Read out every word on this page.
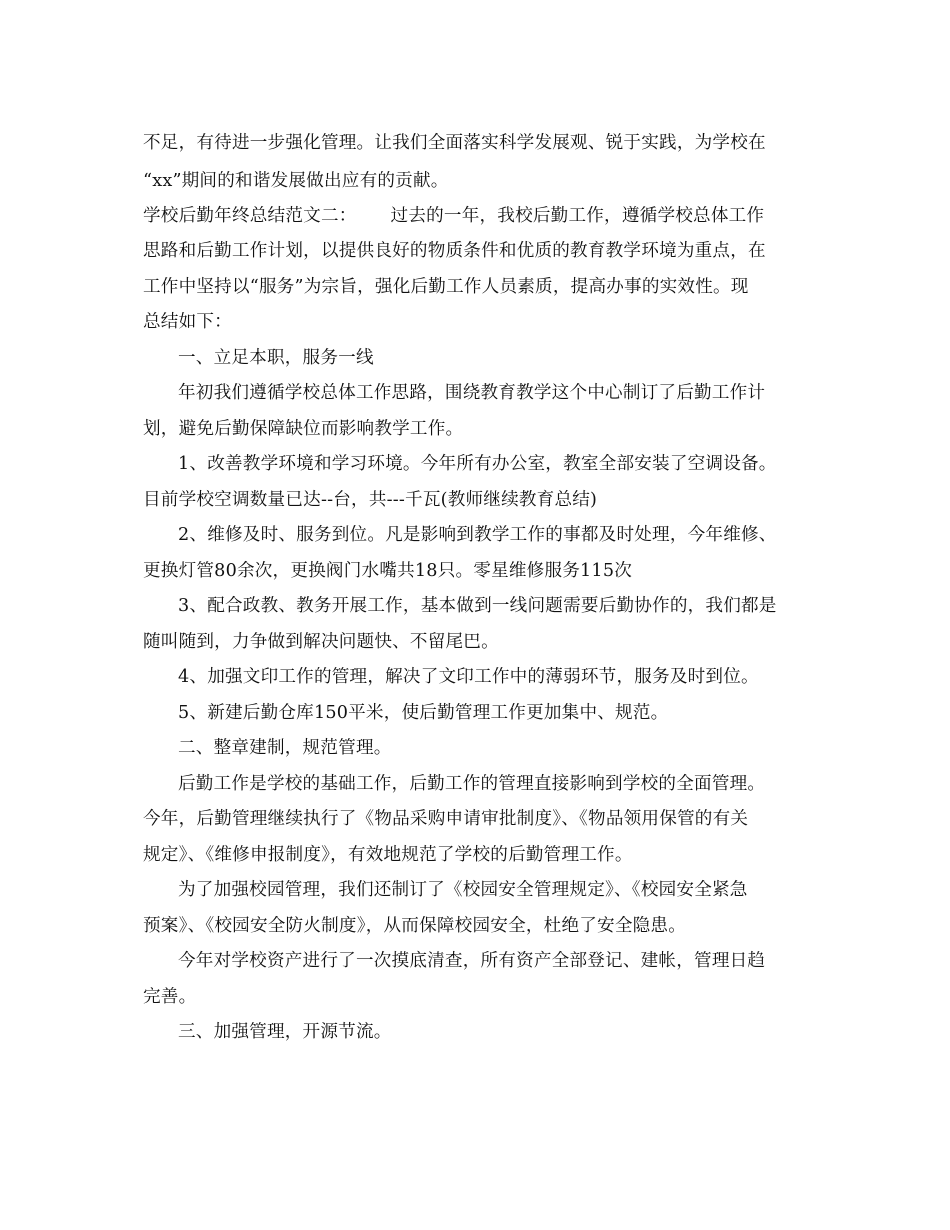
不足，有待进一步强化管理。让我们全面落实科学发展观、锐于实践，为学校在
“xx”期间的和谐发展做出应有的贡献。
学校后勤年终总结范文二： 过去的一年，我校后勤工作，遵循学校总体工作
思路和后勤工作计划，以提供良好的物质条件和优质的教育教学环境为重点，在
工作中坚持以“服务”为宗旨，强化后勤工作人员素质，提高办事的实效性。现
总结如下：
一、立足本职，服务一线
年初我们遵循学校总体工作思路，围绕教育教学这个中心制订了后勤工作计
划，避免后勤保障缺位而影响教学工作。
1、改善教学环境和学习环境。今年所有办公室，教室全部安装了空调设备。
目前学校空调数量已达--台，共---千瓦(教师继续教育总结)
2、维修及时、服务到位。凡是影响到教学工作的事都及时处理，今年维修、
更换灯管80余次，更换阀门水嘴共18只。零星维修服务115次
3、配合政教、教务开展工作，基本做到一线问题需要后勤协作的，我们都是
随叫随到，力争做到解决问题快、不留尾巴。
4、加强文印工作的管理，解决了文印工作中的薄弱环节，服务及时到位。
5、新建后勤仓库150平米，使后勤管理工作更加集中、规范。
二、整章建制，规范管理。
后勤工作是学校的基础工作，后勤工作的管理直接影响到学校的全面管理。
今年，后勤管理继续执行了《物品采购申请审批制度》、《物品领用保管的有关
规定》、《维修申报制度》，有效地规范了学校的后勤管理工作。
为了加强校园管理，我们还制订了《校园安全管理规定》、《校园安全紧急
预案》、《校园安全防火制度》，从而保障校园安全，杜绝了安全隐患。
今年对学校资产进行了一次摸底清查，所有资产全部登记、建帐，管理日趋
完善。
三、加强管理，开源节流。
